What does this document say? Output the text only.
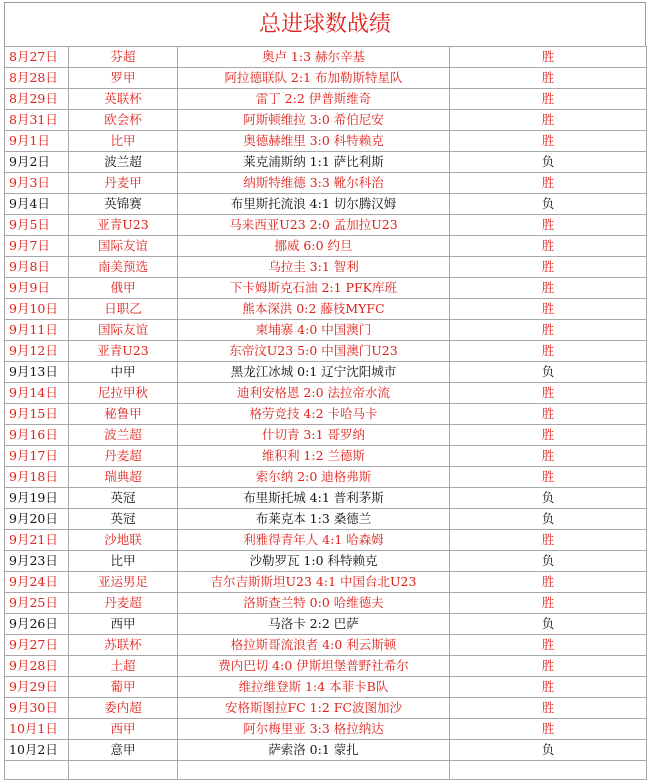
总进球数战绩
8月27日	芬超	奥卢 1:3 赫尔辛基	胜
8月28日	罗甲	阿拉德联队 2:1 布加勒斯特星队	胜
8月29日	英联杯	雷丁 2:2 伊普斯维奇	胜
8月31日	欧会杯	阿斯顿维拉 3:0 希伯尼安	胜
9月1日	比甲	奥德赫维里 3:0 科特赖克	胜
9月2日	波兰超	莱克浦斯纳 1:1 萨比利斯	负
9月3日	丹麦甲	纳斯特维德 3:3 靴尔科治	胜
9月4日	英锦赛	布里斯托流浪 4:1 切尔腾汉姆	负
9月5日	亚青U23	马来西亚U23 2:0 孟加拉U23	胜
9月7日	国际友谊	挪威 6:0 约旦	胜
9月8日	南美预选	乌拉圭 3:1 智利	胜
9月9日	俄甲	下卡姆斯克石油 2:1 PFK库班	胜
9月10日	日职乙	熊本深洪 0:2 藤枝MYFC	胜
9月11日	国际友谊	柬埔寨 4:0 中国澳门	胜
9月12日	亚青U23	东帝汶U23 5:0 中国澳门U23	胜
9月13日	中甲	黑龙江冰城 0:1 辽宁沈阳城市	负
9月14日	尼拉甲秋	迪利安格恩 2:0 法拉帝水流	胜
9月15日	秘鲁甲	格劳竞技 4:2 卡哈马卡	胜
9月16日	波兰超	什切青 3:1 哥罗纳	胜
9月17日	丹麦超	维积利 1:2 兰德斯	胜
9月18日	瑞典超	索尔纳 2:0 迪格弗斯	胜
9月19日	英冠	布里斯托城 4:1 普利茅斯	负
9月20日	英冠	布莱克本 1:3 桑德兰	负
9月21日	沙地联	利雅得青年人 4:1 哈森姆	胜
9月23日	比甲	沙勒罗瓦 1:0 科特赖克	负
9月24日	亚运男足	吉尔吉斯斯坦U23 4:1 中国台北U23	胜
9月25日	丹麦超	洛斯查兰特 0:0 哈维德夫	胜
9月26日	西甲	马洛卡 2:2 巴萨	负
9月27日	苏联杯	格拉斯哥流浪者 4:0 利云斯顿	胜
9月28日	土超	费内巴切 4:0 伊斯坦堡普野社希尔	胜
9月29日	葡甲	维拉维登斯 1:4 本菲卡B队	胜
9月30日	委内超	安格斯图拉FC 1:2 FC波图加沙	胜
10月1日	西甲	阿尔梅里亚 3:3 格拉纳达	胜
10月2日	意甲	萨索洛 0:1 蒙扎	负
